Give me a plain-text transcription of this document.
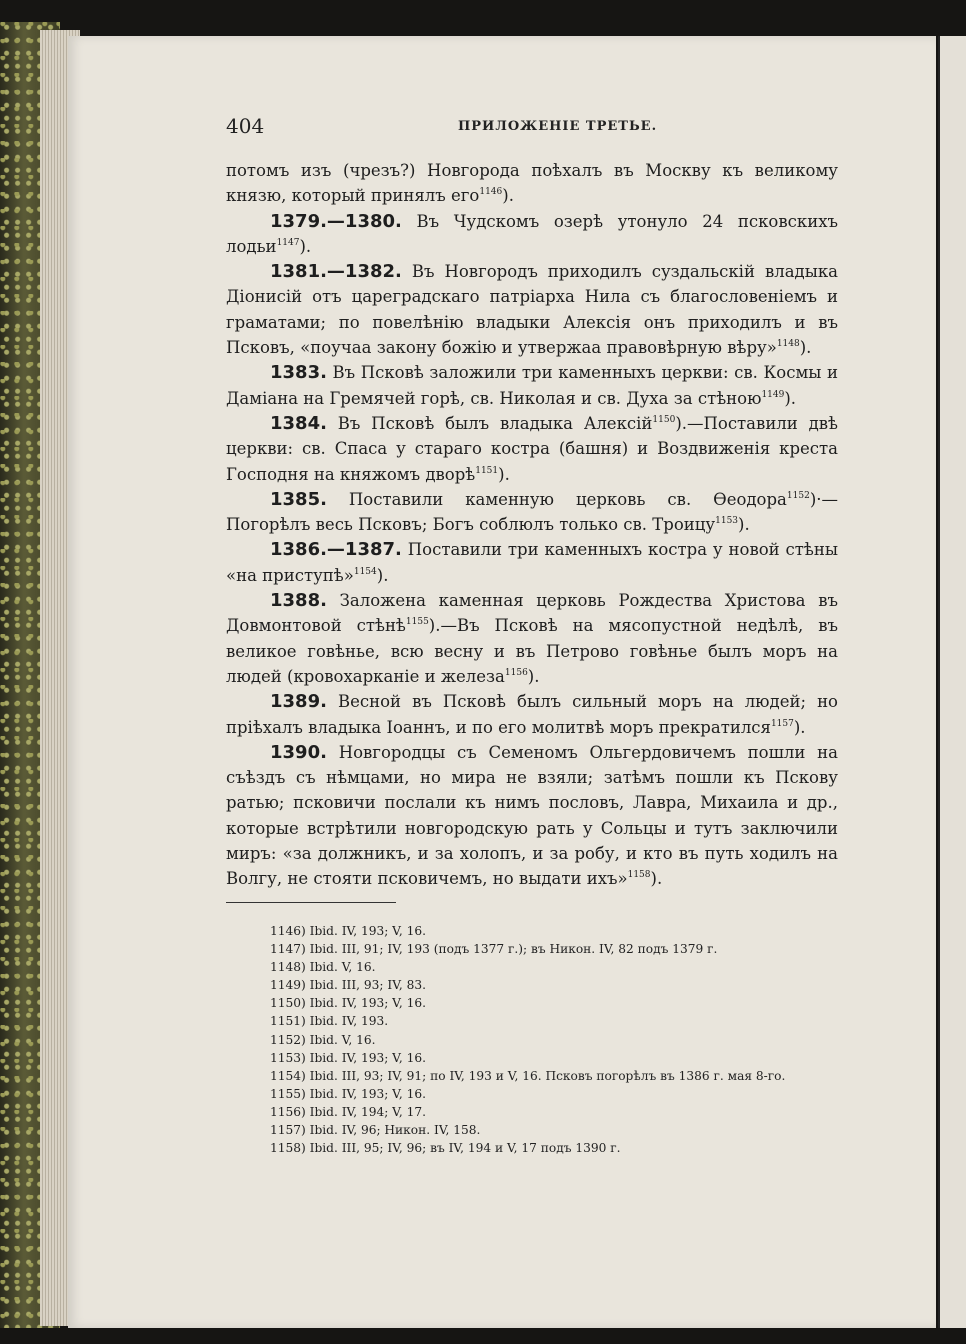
404	ПРИЛОЖЕНІЕ ТРЕТЬЕ.

потомъ изъ (чрезъ?) Новгорода поѣхалъ въ Москву къ великому князю, который принялъ его$^{1146}$).

1379.—1380. Въ Чудскомъ озерѣ утонуло 24 псковскихъ лодьи$^{1147}$).

1381.—1382. Въ Новгородъ приходилъ суздальскій владыка Діонисій отъ цареградскаго патріарха Нила съ благословеніемъ и граматами; по повелѣнію владыки Алексія онъ приходилъ и въ Псковъ, «поучаа закону божію и утвержаа правовѣрную вѣру»$^{1148}$).

1383. Въ Псковѣ заложили три каменныхъ церкви: св. Космы и Даміана на Гремячей горѣ, св. Николая и св. Духа за стѣною$^{1149}$).

1384. Въ Псковѣ былъ владыка Алексій$^{1150}$).—Поставили двѣ церкви: св. Спаса у стараго костра (башня) и Воздвиженія креста Господня на княжомъ дворѣ$^{1151}$).

1385. Поставили каменную церковь св. Ѳеодора$^{1152}$)·—Погорѣлъ весь Псковъ; Богъ соблюлъ только св. Троицу$^{1153}$).

1386.—1387. Поставили три каменныхъ костра у новой стѣны «на приступѣ»$^{1154}$).

1388. Заложена каменная церковь Рождества Христова въ Довмонтовой стѣнѣ$^{1155}$).—Въ Псковѣ на мясопустной недѣлѣ, въ великое говѣнье, всю весну и въ Петрово говѣнье былъ моръ на людей (кровохарканіе и железа$^{1156}$).

1389. Весной въ Псковѣ былъ сильный моръ на людей; но пріѣхалъ владыка Іоаннъ, и по его молитвѣ моръ прекратился$^{1157}$).

1390. Новгородцы съ Семеномъ Ольгердовичемъ пошли на съѣздъ съ нѣмцами, но мира не взяли; затѣмъ пошли къ Пскову ратью; псковичи послали къ нимъ пословъ, Лавра, Михаила и др., которые встрѣтили новгородскую рать у Сольцы и тутъ заключили миръ: «за должникъ, и за холопъ, и за робу, и кто въ путь ходилъ на Волгу, не стояти псковичемъ, но выдати ихъ»$^{1158}$).

1146) Ibid. IV, 193; V, 16.
1147) Ibid. III, 91; IV, 193 (подъ 1377 г.); въ Никон. IV, 82 подъ 1379 г.
1148) Ibid. V, 16.
1149) Ibid. III, 93; IV, 83.
1150) Ibid. IV, 193; V, 16.
1151) Ibid. IV, 193.
1152) Ibid. V, 16.
1153) Ibid. IV, 193; V, 16.
1154) Ibid. III, 93; IV, 91; по IV, 193 и V, 16. Псковъ погорѣлъ въ 1386 г. мая 8-го.
1155) Ibid. IV, 193; V, 16.
1156) Ibid. IV, 194; V, 17.
1157) Ibid. IV, 96; Никон. IV, 158.
1158) Ibid. III, 95; IV, 96; въ IV, 194 и V, 17 подъ 1390 г.
